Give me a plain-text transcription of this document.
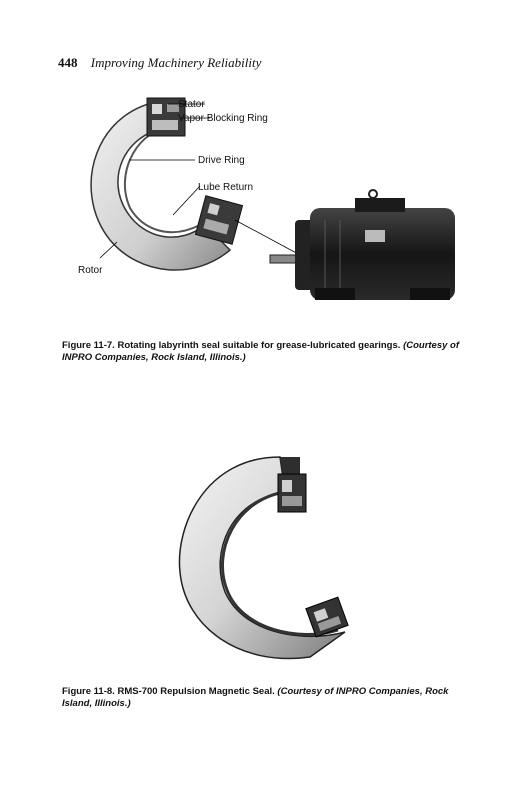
448 Improving Machinery Reliability
Stator
Vapor Blocking Ring
Drive Ring
Lube Return
Rotor
Figure 11-7. Rotating labyrinth seal suitable for grease-lubricated gearings. (Courtesy of INPRO Companies, Rock Island, Illinois.)
Figure 11-8. RMS-700 Repulsion Magnetic Seal. (Courtesy of INPRO Companies, Rock Island, Illinois.)
